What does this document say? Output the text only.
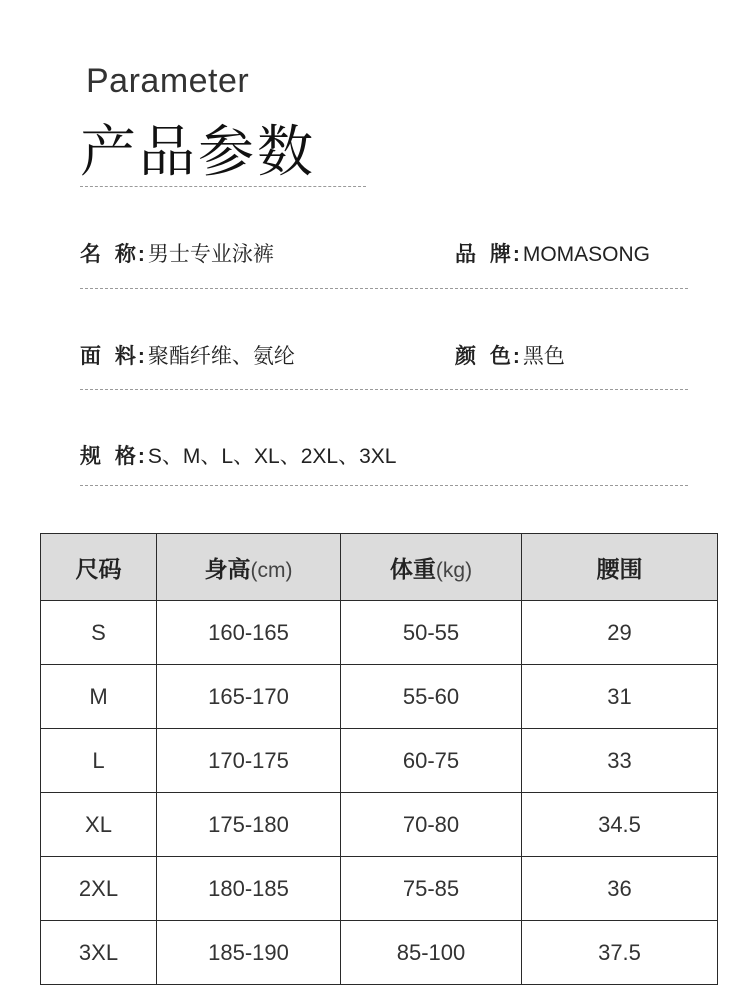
Parameter
产品参数
名 称: 男士专业泳裤	品 牌: MOMASONG
面 料: 聚酯纤维、氨纶	颜 色: 黑色
规 格: S、M、L、XL、2XL、3XL
尺码	身高(cm)	体重(kg)	腰围
S	160-165	50-55	29
M	165-170	55-60	31
L	170-175	60-75	33
XL	175-180	70-80	34.5
2XL	180-185	75-85	36
3XL	185-190	85-100	37.5
